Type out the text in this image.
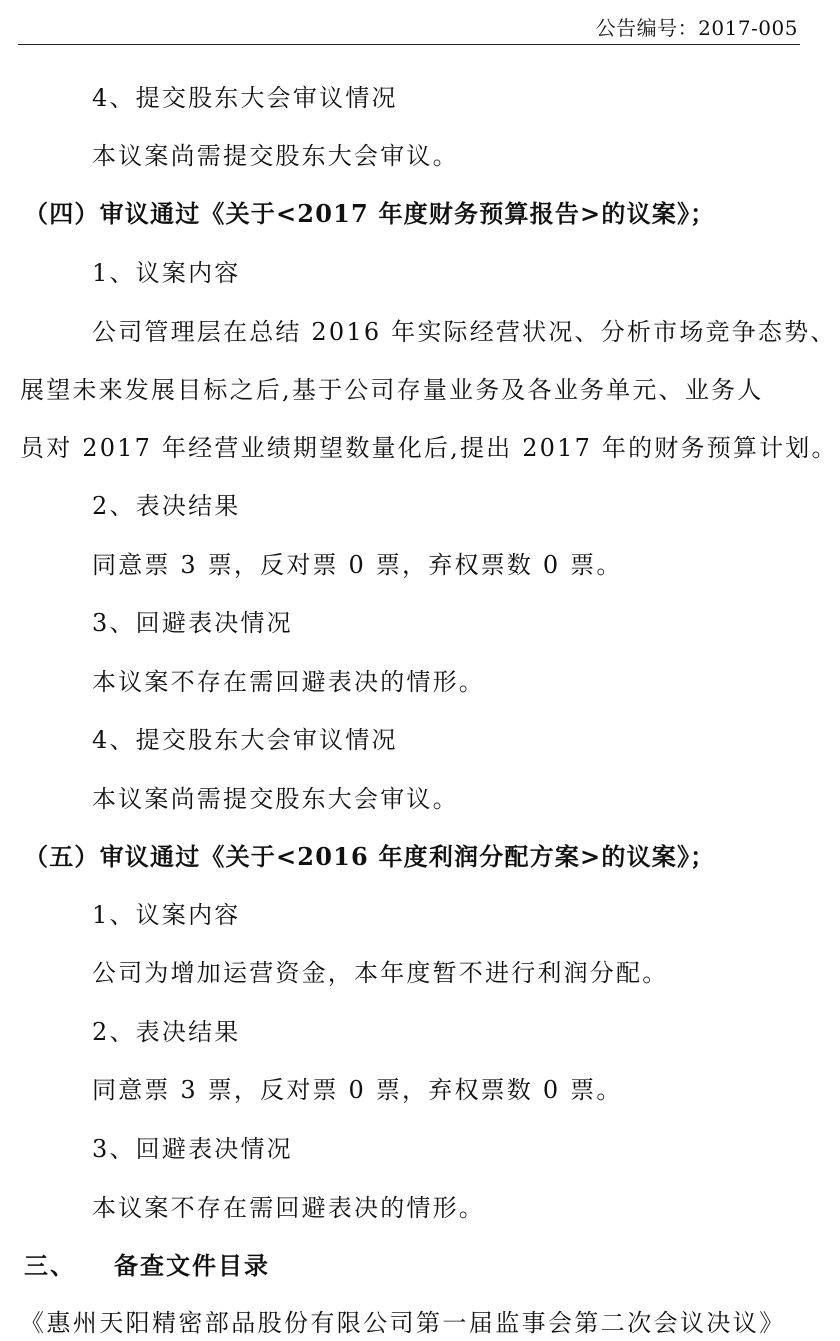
公告编号：2017-005
4、提交股东大会审议情况
本议案尚需提交股东大会审议。
（四）审议通过《关于<2017 年度财务预算报告>的议案》；
1、议案内容
公司管理层在总结 2016 年实际经营状况、分析市场竞争态势、
展望未来发展目标之后,基于公司存量业务及各业务单元、业务人
员对 2017 年经营业绩期望数量化后,提出 2017 年的财务预算计划。
2、表决结果
同意票 3 票，反对票 0 票，弃权票数 0 票。
3、回避表决情况
本议案不存在需回避表决的情形。
4、提交股东大会审议情况
本议案尚需提交股东大会审议。
（五）审议通过《关于<2016 年度利润分配方案>的议案》；
1、议案内容
公司为增加运营资金，本年度暂不进行利润分配。
2、表决结果
同意票 3 票，反对票 0 票，弃权票数 0 票。
3、回避表决情况
本议案不存在需回避表决的情形。
三、 备查文件目录
《惠州天阳精密部品股份有限公司第一届监事会第二次会议决议》
